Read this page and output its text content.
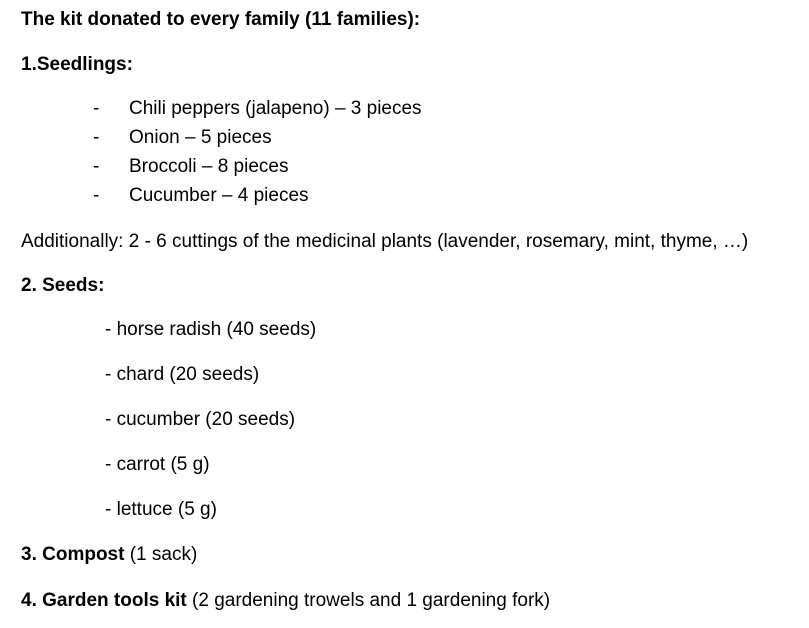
The kit donated to every family (11 families):
1.Seedlings:
- Chili peppers (jalapeno) – 3 pieces
- Onion – 5 pieces
- Broccoli – 8 pieces
- Cucumber – 4 pieces
Additionally: 2 - 6 cuttings of the medicinal plants (lavender, rosemary, mint, thyme, …)
2. Seeds:
- horse radish (40 seeds)
- chard (20 seeds)
- cucumber (20 seeds)
- carrot (5 g)
- lettuce (5 g)
3. Compost (1 sack)
4. Garden tools kit (2 gardening trowels and 1 gardening fork)
